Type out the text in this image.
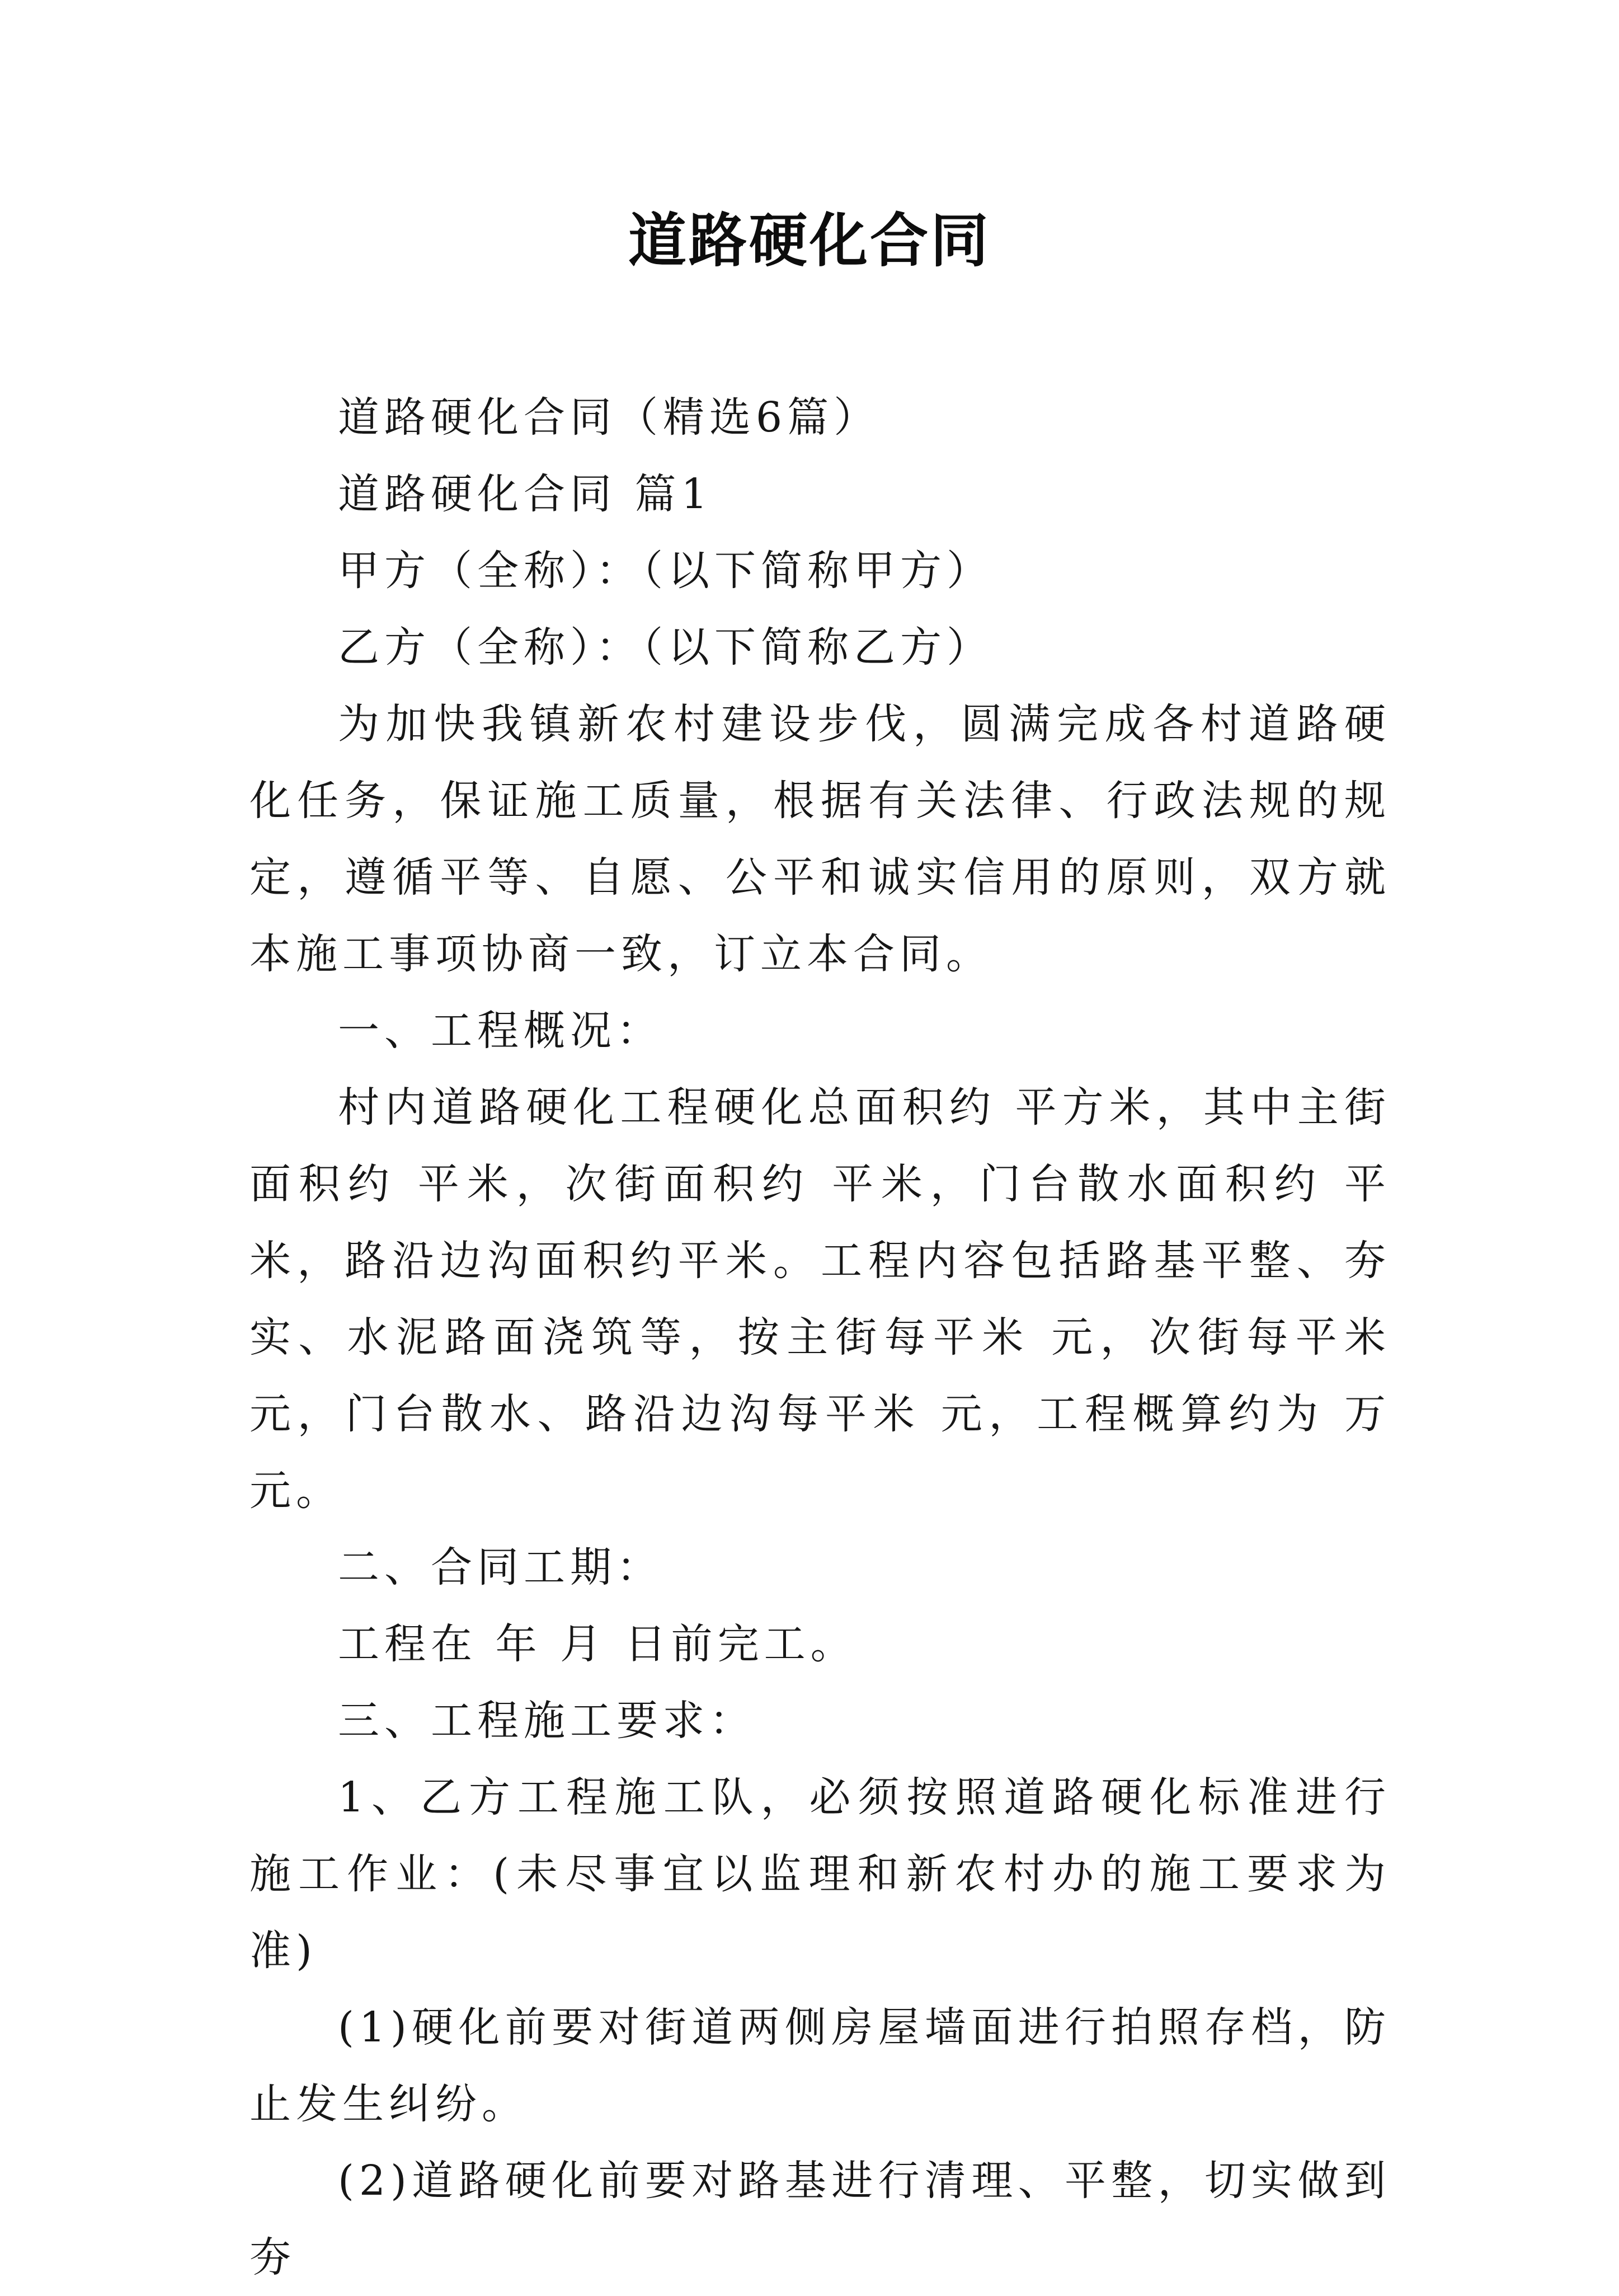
道路硬化合同

道路硬化合同（精选6篇）

道路硬化合同 篇1

甲方（全称）：（以下简称甲方）

乙方（全称）：（以下简称乙方）

为加快我镇新农村建设步伐，圆满完成各村道路硬化任务，保证施工质量，根据有关法律、行政法规的规定，遵循平等、自愿、公平和诚实信用的原则，双方就本施工事项协商一致，订立本合同。

一、工程概况：

村内道路硬化工程硬化总面积约 平方米，其中主街面积约 平米，次街面积约 平米，门台散水面积约 平米，路沿边沟面积约平米。工程内容包括路基平整、夯实、水泥路面浇筑等，按主街每平米 元，次街每平米 元，门台散水、路沿边沟每平米 元，工程概算约为 万元。

二、合同工期：

工程在 年 月 日前完工。

三、工程施工要求：

1、乙方工程施工队，必须按照道路硬化标准进行施工作业：(未尽事宜以监理和新农村办的施工要求为准)

(1)硬化前要对街道两侧房屋墙面进行拍照存档，防止发生纠纷。

(2)道路硬化前要对路基进行清理、平整，切实做到夯
